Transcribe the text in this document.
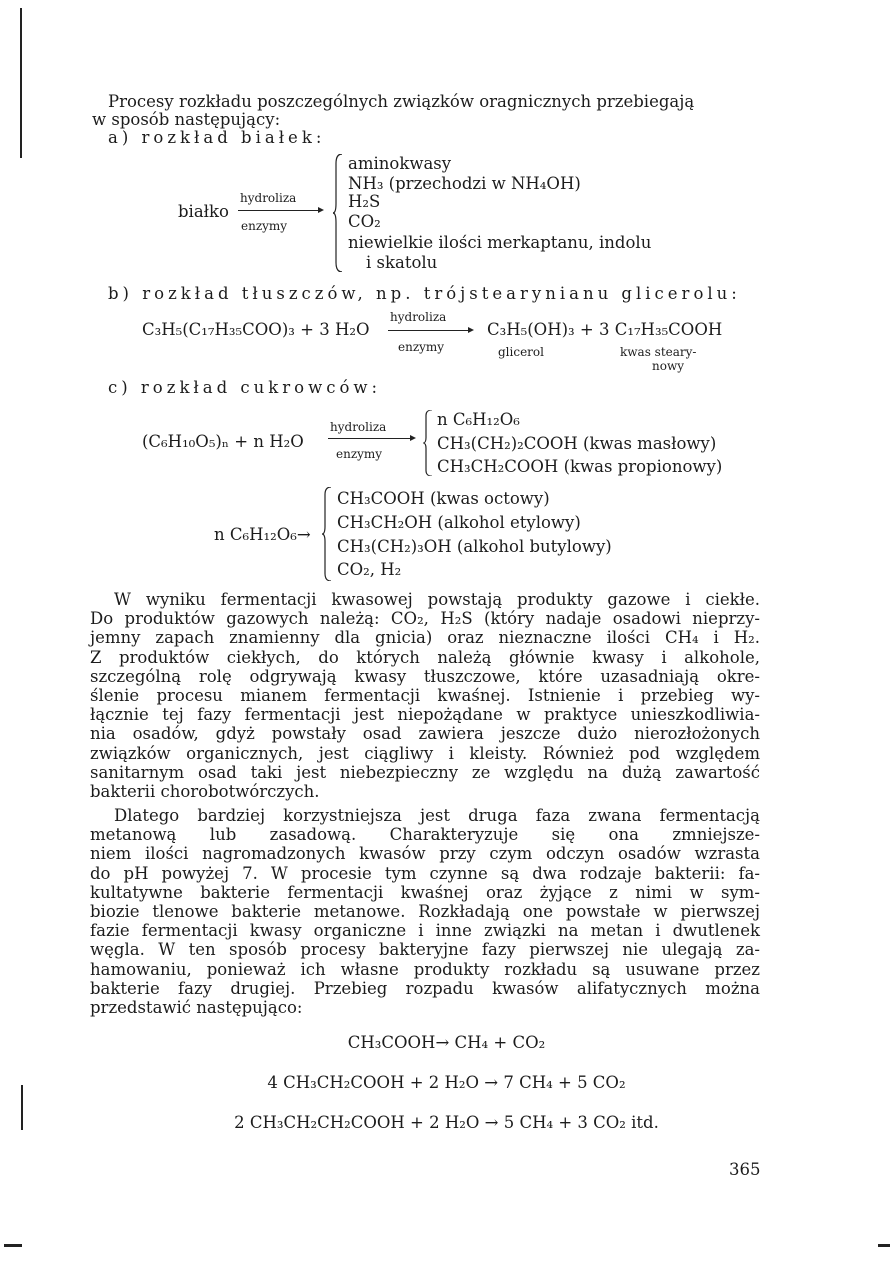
Procesy rozkładu poszczególnych związków oragnicznych przebiegają
w sposób następujący:
a) rozkład białek:
białko
hydroliza
enzymy
aminokwasy
NH₃ (przechodzi w NH₄OH)
H₂S
CO₂
niewielkie ilości merkaptanu, indolu
i skatolu
b) rozkład tłuszczów, np. trójstearynianu glicerolu:
C₃H₅(C₁₇H₃₅COO)₃ + 3 H₂O
hydroliza
enzymy
C₃H₅(OH)₃ + 3 C₁₇H₃₅COOH
glicerol	kwas steary-
nowy
c) rozkład cukrowców:
(C₆H₁₀O₅)ₙ + n H₂O
hydroliza
enzymy
n C₆H₁₂O₆
CH₃(CH₂)₂COOH (kwas masłowy)
CH₃CH₂COOH (kwas propionowy)
n C₆H₁₂O₆→
CH₃COOH (kwas octowy)
CH₃CH₂OH (alkohol etylowy)
CH₃(CH₂)₃OH (alkohol butylowy)
CO₂, H₂
W wyniku fermentacji kwasowej powstają produkty gazowe i ciekłe.
Do produktów gazowych należą: CO₂, H₂S (który nadaje osadowi nieprzy-
jemny zapach znamienny dla gnicia) oraz nieznaczne ilości CH₄ i H₂.
Z produktów ciekłych, do których należą głównie kwasy i alkohole,
szczególną rolę odgrywają kwasy tłuszczowe, które uzasadniają okre-
ślenie procesu mianem fermentacji kwaśnej. Istnienie i przebieg wy-
łącznie tej fazy fermentacji jest niepożądane w praktyce unieszkodliwia-
nia osadów, gdyż powstały osad zawiera jeszcze dużo nierozłożonych
związków organicznych, jest ciągliwy i kleisty. Również pod względem
sanitarnym osad taki jest niebezpieczny ze względu na dużą zawartość
bakterii chorobotwórczych.
Dlatego bardziej korzystniejsza jest druga faza zwana fermentacją
metanową lub zasadową. Charakteryzuje się ona zmniejsze-
niem ilości nagromadzonych kwasów przy czym odczyn osadów wzrasta
do pH powyżej 7. W procesie tym czynne są dwa rodzaje bakterii: fa-
kultatywne bakterie fermentacji kwaśnej oraz żyjące z nimi w sym-
biozie tlenowe bakterie metanowe. Rozkładają one powstałe w pierwszej
fazie fermentacji kwasy organiczne i inne związki na metan i dwutlenek
węgla. W ten sposób procesy bakteryjne fazy pierwszej nie ulegają za-
hamowaniu, ponieważ ich własne produkty rozkładu są usuwane przez
bakterie fazy drugiej. Przebieg rozpadu kwasów alifatycznych można
przedstawić następująco:
CH₃COOH→ CH₄ + CO₂
4 CH₃CH₂COOH + 2 H₂O → 7 CH₄ + 5 CO₂
2 CH₃CH₂CH₂COOH + 2 H₂O → 5 CH₄ + 3 CO₂ itd.
365
